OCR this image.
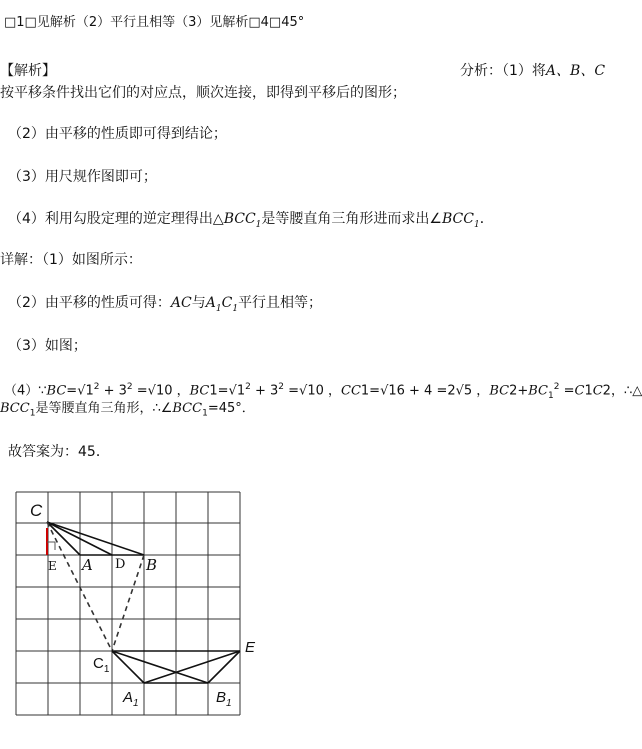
□1□见解析（2）平行且相等（3）见解析□4□45°
【解析】	分析：（1）将A、B、C
按平移条件找出它们的对应点，顺次连接，即得到平移后的图形；
（2）由平移的性质即可得到结论；
（3）用尺规作图即可；
（4）利用勾股定理的逆定理得出$\triangle BCC_1$是等腰直角三角形进而求出$\angle BCC_1$．
详解：（1）如图所示：
（2）由平移的性质可得：AC与$A_1C_1$平行且相等；
（3）如图；
$(4)\because BC=√1^2 + 3^2 =√10$ ，$BC1=√1^2 + 3^2 =√10$ ，CC1=√16 + 4 =2√5 ，$BC2+BC_1^2 =C1C2$，∴△
$BCC_1$是等腰直角三角形，$\therefore\angle BCC_1=45^\circ$．
故答案为：45．
C
E A D B
$C_1$
E
$A_1$	$B_1$
